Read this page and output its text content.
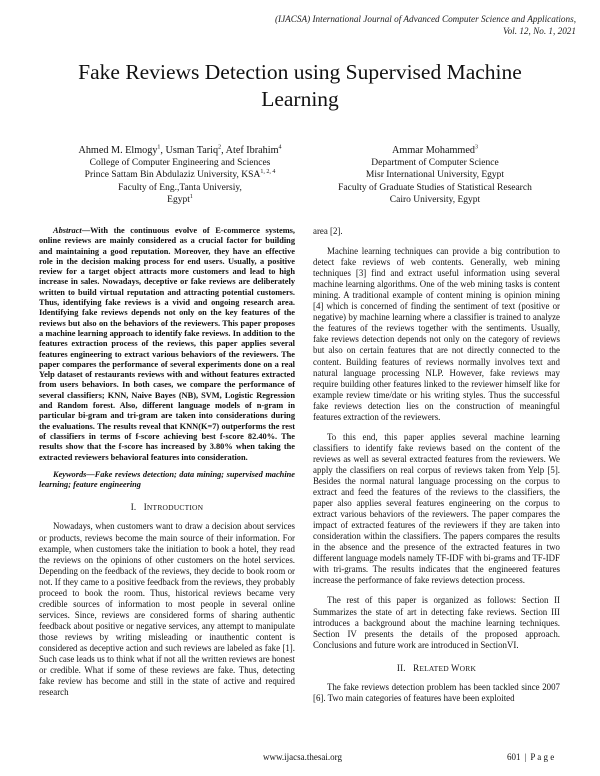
(IJACSA) International Journal of Advanced Computer Science and Applications,
Vol. 12, No. 1, 2021
Fake Reviews Detection using Supervised Machine
Learning
Ahmed M. Elmogy$^1$, Usman Tariq$^2$, Atef Ibrahim$^4$
College of Computer Engineering and Sciences
Prince Sattam Bin Abdulaziz University, KSA$^{1, 2, 4}$
Faculty of Eng.,Tanta Universiy,
Egypt$^1$
Ammar Mohammed$^3$
Department of Computer Science
Misr International University, Egypt
Faculty of Graduate Studies of Statistical Research
Cairo University, Egypt

Abstract—With the continuous evolve of E-commerce systems, online reviews are mainly considered as a crucial factor for building and maintaining a good reputation. Moreover, they have an effective role in the decision making process for end users. Usually, a positive review for a target object attracts more customers and lead to high increase in sales. Nowadays, deceptive or fake reviews are deliberately written to build virtual reputation and attracting potential customers. Thus, identifying fake reviews is a vivid and ongoing research area. Identifying fake reviews depends not only on the key features of the reviews but also on the behaviors of the reviewers. This paper proposes a machine learning approach to identify fake reviews. In addition to the features extraction process of the reviews, this paper applies several features engineering to extract various behaviors of the reviewers. The paper compares the performance of several experiments done on a real Yelp dataset of restaurants reviews with and without features extracted from users behaviors. In both cases, we compare the performance of several classifiers; KNN, Naive Bayes (NB), SVM, Logistic Regression and Random forest. Also, different language models of n-gram in particular bi-gram and tri-gram are taken into considerations during the evaluations. The results reveal that KNN(K=7) outperforms the rest of classifiers in terms of f-score achieving best f-score 82.40%. The results show that the f-score has increased by 3.80% when taking the extracted reviewers behavioral features into consideration.

Keywords—Fake reviews detection; data mining; supervised machine learning; feature engineering

I. INTRODUCTION

Nowadays, when customers want to draw a decision about services or products, reviews become the main source of their information. For example, when customers take the initiation to book a hotel, they read the reviews on the opinions of other customers on the hotel services. Depending on the feedback of the reviews, they decide to book room or not. If they came to a positive feedback from the reviews, they probably proceed to book the room. Thus, historical reviews became very credible sources of information to most people in several online services. Since, reviews are considered forms of sharing authentic feedback about positive or negative services, any attempt to manipulate those reviews by writing misleading or inauthentic content is considered as deceptive action and such reviews are labeled as fake [1]. Such case leads us to think what if not all the written reviews are honest or credible. What if some of these reviews are fake. Thus, detecting fake review has become and still in the state of active and required research

area [2].

Machine learning techniques can provide a big contribution to detect fake reviews of web contents. Generally, web mining techniques [3] find and extract useful information using several machine learning algorithms. One of the web mining tasks is content mining. A traditional example of content mining is opinion mining [4] which is concerned of finding the sentiment of text (positive or negative) by machine learning where a classifier is trained to analyze the features of the reviews together with the sentiments. Usually, fake reviews detection depends not only on the category of reviews but also on certain features that are not directly connected to the content. Building features of reviews normally involves text and natural language processing NLP. However, fake reviews may require building other features linked to the reviewer himself like for example review time/date or his writing styles. Thus the successful fake reviews detection lies on the construction of meaningful features extraction of the reviewers.

To this end, this paper applies several machine learning classifiers to identify fake reviews based on the content of the reviews as well as several extracted features from the reviewers. We apply the classifiers on real corpus of reviews taken from Yelp [5]. Besides the normal natural language processing on the corpus to extract and feed the features of the reviews to the classifiers, the paper also applies several features engineering on the corpus to extract various behaviors of the reviewers. The paper compares the impact of extracted features of the reviewers if they are taken into consideration within the classifiers. The papers compares the results in the absence and the presence of the extracted features in two different language models namely TF-IDF with bi-grams and TF-IDF with tri-grams. The results indicates that the engineered features increase the performance of fake reviews detection process.

The rest of this paper is organized as follows: Section II Summarizes the state of art in detecting fake reviews. Section III introduces a background about the machine learning techniques. Section IV presents the details of the proposed approach. Conclusions and future work are introduced in SectionVI.

II. RELATED WORK

The fake reviews detection problem has been tackled since 2007 [6]. Two main categories of features have been exploited

www.ijacsa.thesai.org	601 | P a g e
